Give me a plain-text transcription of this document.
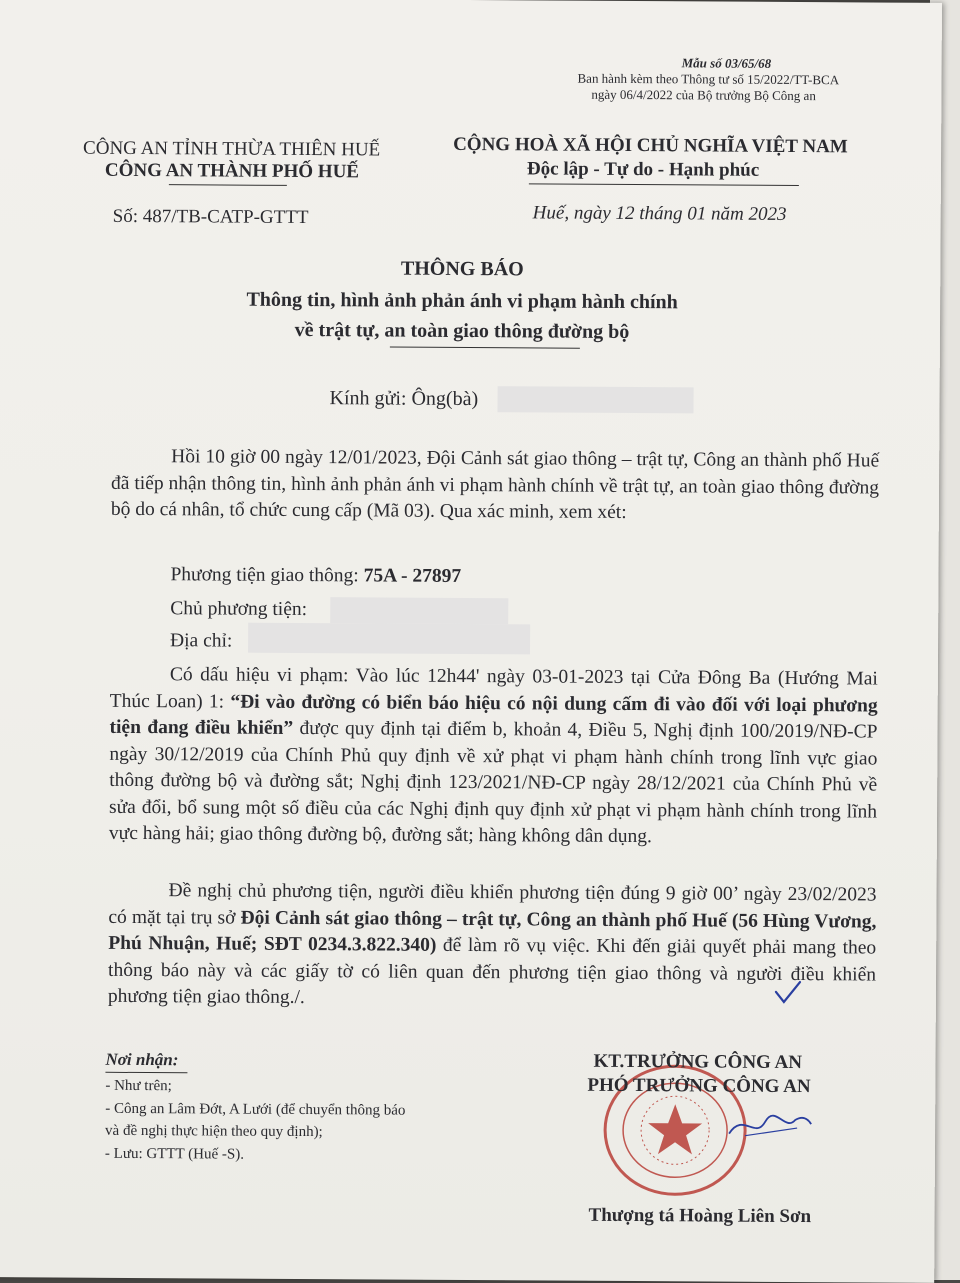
Mẫu số 03/65/68
Ban hành kèm theo Thông tư số 15/2022/TT-BCA
ngày 06/4/2022 của Bộ trưởng Bộ Công an
CÔNG AN TỈNH THỪA THIÊN HUẾ
CÔNG AN THÀNH PHỐ HUẾ
CỘNG HOÀ XÃ HỘI CHỦ NGHĨA VIỆT NAM
Độc lập - Tự do - Hạnh phúc
Số: 487/TB-CATP-GTTT	Huế, ngày 12 tháng 01 năm 2023
THÔNG BÁO
Thông tin, hình ảnh phản ánh vi phạm hành chính
về trật tự, an toàn giao thông đường bộ
Kính gửi: Ông(bà)
Hồi 10 giờ 00 ngày 12/01/2023, Đội Cảnh sát giao thông – trật tự, Công an thành phố Huế đã tiếp nhận thông tin, hình ảnh phản ánh vi phạm hành chính về trật tự, an toàn giao thông đường bộ do cá nhân, tổ chức cung cấp (Mã 03). Qua xác minh, xem xét:
Phương tiện giao thông: 75A - 27897
Chủ phương tiện:
Địa chỉ:
Có dấu hiệu vi phạm: Vào lúc 12h44' ngày 03-01-2023 tại Cửa Đông Ba (Hướng Mai Thúc Loan) 1: “Đi vào đường có biển báo hiệu có nội dung cấm đi vào đối với loại phương tiện đang điều khiển” được quy định tại điểm b, khoản 4, Điều 5, Nghị định 100/2019/NĐ-CP ngày 30/12/2019 của Chính Phủ quy định về xử phạt vi phạm hành chính trong lĩnh vực giao thông đường bộ và đường sắt; Nghị định 123/2021/NĐ-CP ngày 28/12/2021 của Chính Phủ về sửa đổi, bổ sung một số điều của các Nghị định quy định xử phạt vi phạm hành chính trong lĩnh vực hàng hải; giao thông đường bộ, đường sắt; hàng không dân dụng.
Đề nghị chủ phương tiện, người điều khiển phương tiện đúng 9 giờ 00’ ngày 23/02/2023 có mặt tại trụ sở Đội Cảnh sát giao thông – trật tự, Công an thành phố Huế (56 Hùng Vương, Phú Nhuận, Huế; SĐT 0234.3.822.340) để làm rõ vụ việc. Khi đến giải quyết phải mang theo thông báo này và các giấy tờ có liên quan đến phương tiện giao thông và người điều khiển phương tiện giao thông./.
Nơi nhận:
- Như trên;
- Công an Lâm Đớt, A Lưới (để chuyển thông báo
và đề nghị thực hiện theo quy định);
- Lưu: GTTT (Huế -S).
KT.TRƯỞNG CÔNG AN
PHÓ TRƯỞNG CÔNG AN
Thượng tá Hoàng Liên Sơn
